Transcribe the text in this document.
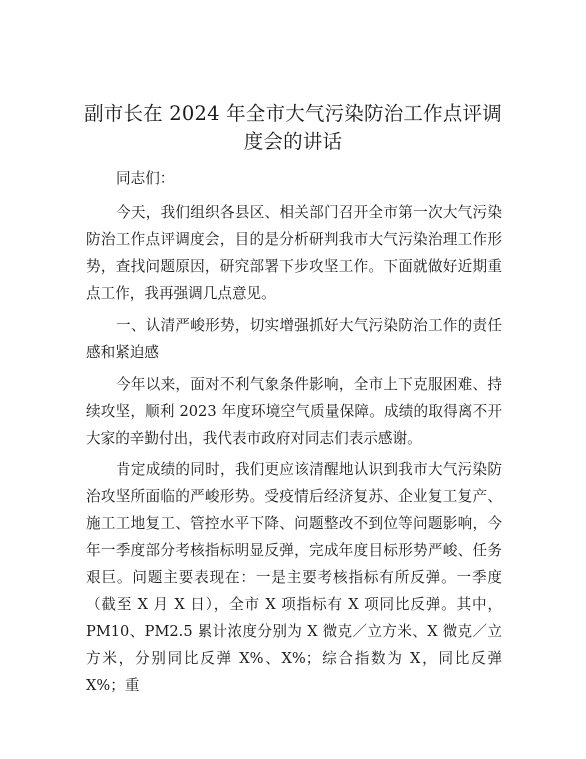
副市长在 2024 年全市大气污染防治工作点评调度会的讲话
同志们：
今天，我们组织各县区、相关部门召开全市第一次大气污染防治工作点评调度会，目的是分析研判我市大气污染治理工作形势，查找问题原因，研究部署下步攻坚工作。下面就做好近期重点工作，我再强调几点意见。
一、认清严峻形势，切实增强抓好大气污染防治工作的责任感和紧迫感
今年以来，面对不利气象条件影响，全市上下克服困难、持续攻坚，顺利 2023 年度环境空气质量保障。成绩的取得离不开大家的辛勤付出，我代表市政府对同志们表示感谢。
肯定成绩的同时，我们更应该清醒地认识到我市大气污染防治攻坚所面临的严峻形势。受疫情后经济复苏、企业复工复产、施工工地复工、管控水平下降、问题整改不到位等问题影响，今年一季度部分考核指标明显反弹，完成年度目标形势严峻、任务艰巨。问题主要表现在：一是主要考核指标有所反弹。一季度（截至 X 月 X 日），全市 X 项指标有 X 项同比反弹。其中，PM10、PM2.5 累计浓度分别为 X 微克／立方米、X 微克／立方米，分别同比反弹 X%、X%；综合指数为 X，同比反弹 X%；重
